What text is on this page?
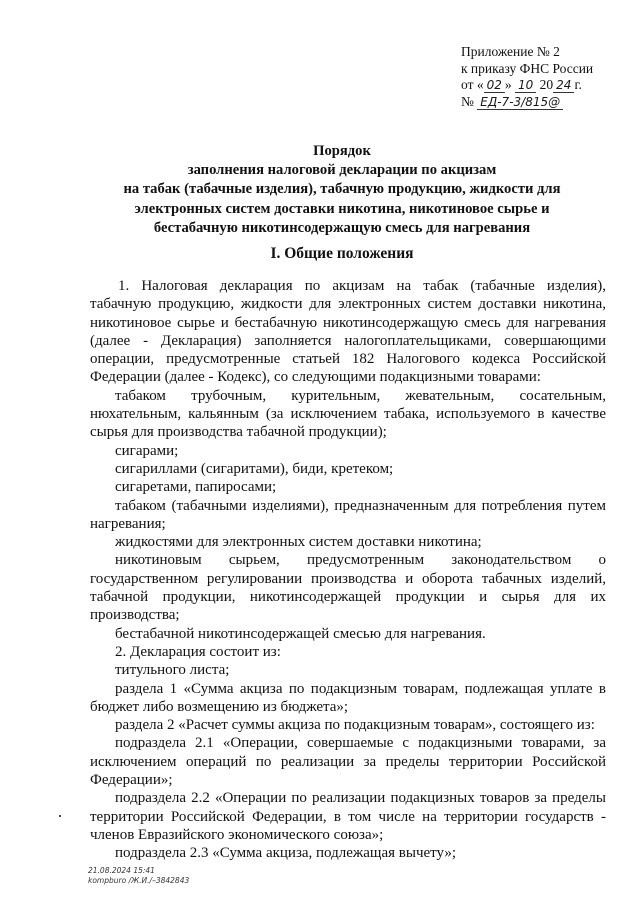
Приложение № 2
к приказу ФНС России
от « 02 » 10 20 24 г.
№ ЕД-7-3/815@
Порядок
заполнения налоговой декларации по акцизам
на табак (табачные изделия), табачную продукцию, жидкости для
электронных систем доставки никотина, никотиновое сырье и
бестабачную никотинсодержащую смесь для нагревания
I. Общие положения
1. Налоговая декларация по акцизам на табак (табачные изделия),
табачную продукцию, жидкости для электронных систем доставки никотина,
никотиновое сырье и бестабачную никотинсодержащую смесь для нагревания
(далее - Декларация) заполняется налогоплательщиками, совершающими
операции, предусмотренные статьей 182 Налогового кодекса Российской
Федерации (далее - Кодекс), со следующими подакцизными товарами:
табаком трубочным, курительным, жевательным, сосательным,
нюхательным, кальянным (за исключением табака, используемого в качестве
сырья для производства табачной продукции);
сигарами;
сигариллами (сигаритами), биди, кретеком;
сигаретами, папиросами;
табаком (табачными изделиями), предназначенным для потребления путем
нагревания;
жидкостями для электронных систем доставки никотина;
никотиновым сырьем, предусмотренным законодательством о
государственном регулировании производства и оборота табачных изделий,
табачной продукции, никотинсодержащей продукции и сырья для их
производства;
бестабачной никотинсодержащей смесью для нагревания.
2. Декларация состоит из:
титульного листа;
раздела 1 «Сумма акциза по подакцизным товарам, подлежащая уплате в
бюджет либо возмещению из бюджета»;
раздела 2 «Расчет суммы акциза по подакцизным товарам», состоящего из:
подраздела 2.1 «Операции, совершаемые с подакцизными товарами, за
исключением операций по реализации за пределы территории Российской
Федерации»;
подраздела 2.2 «Операции по реализации подакцизных товаров за пределы
территории Российской Федерации, в том числе на территории государств -
членов Евразийского экономического союза»;
подраздела 2.3 «Сумма акциза, подлежащая вычету»;
21.08.2024 15:41
kompburo /Ж.И./–3842843
